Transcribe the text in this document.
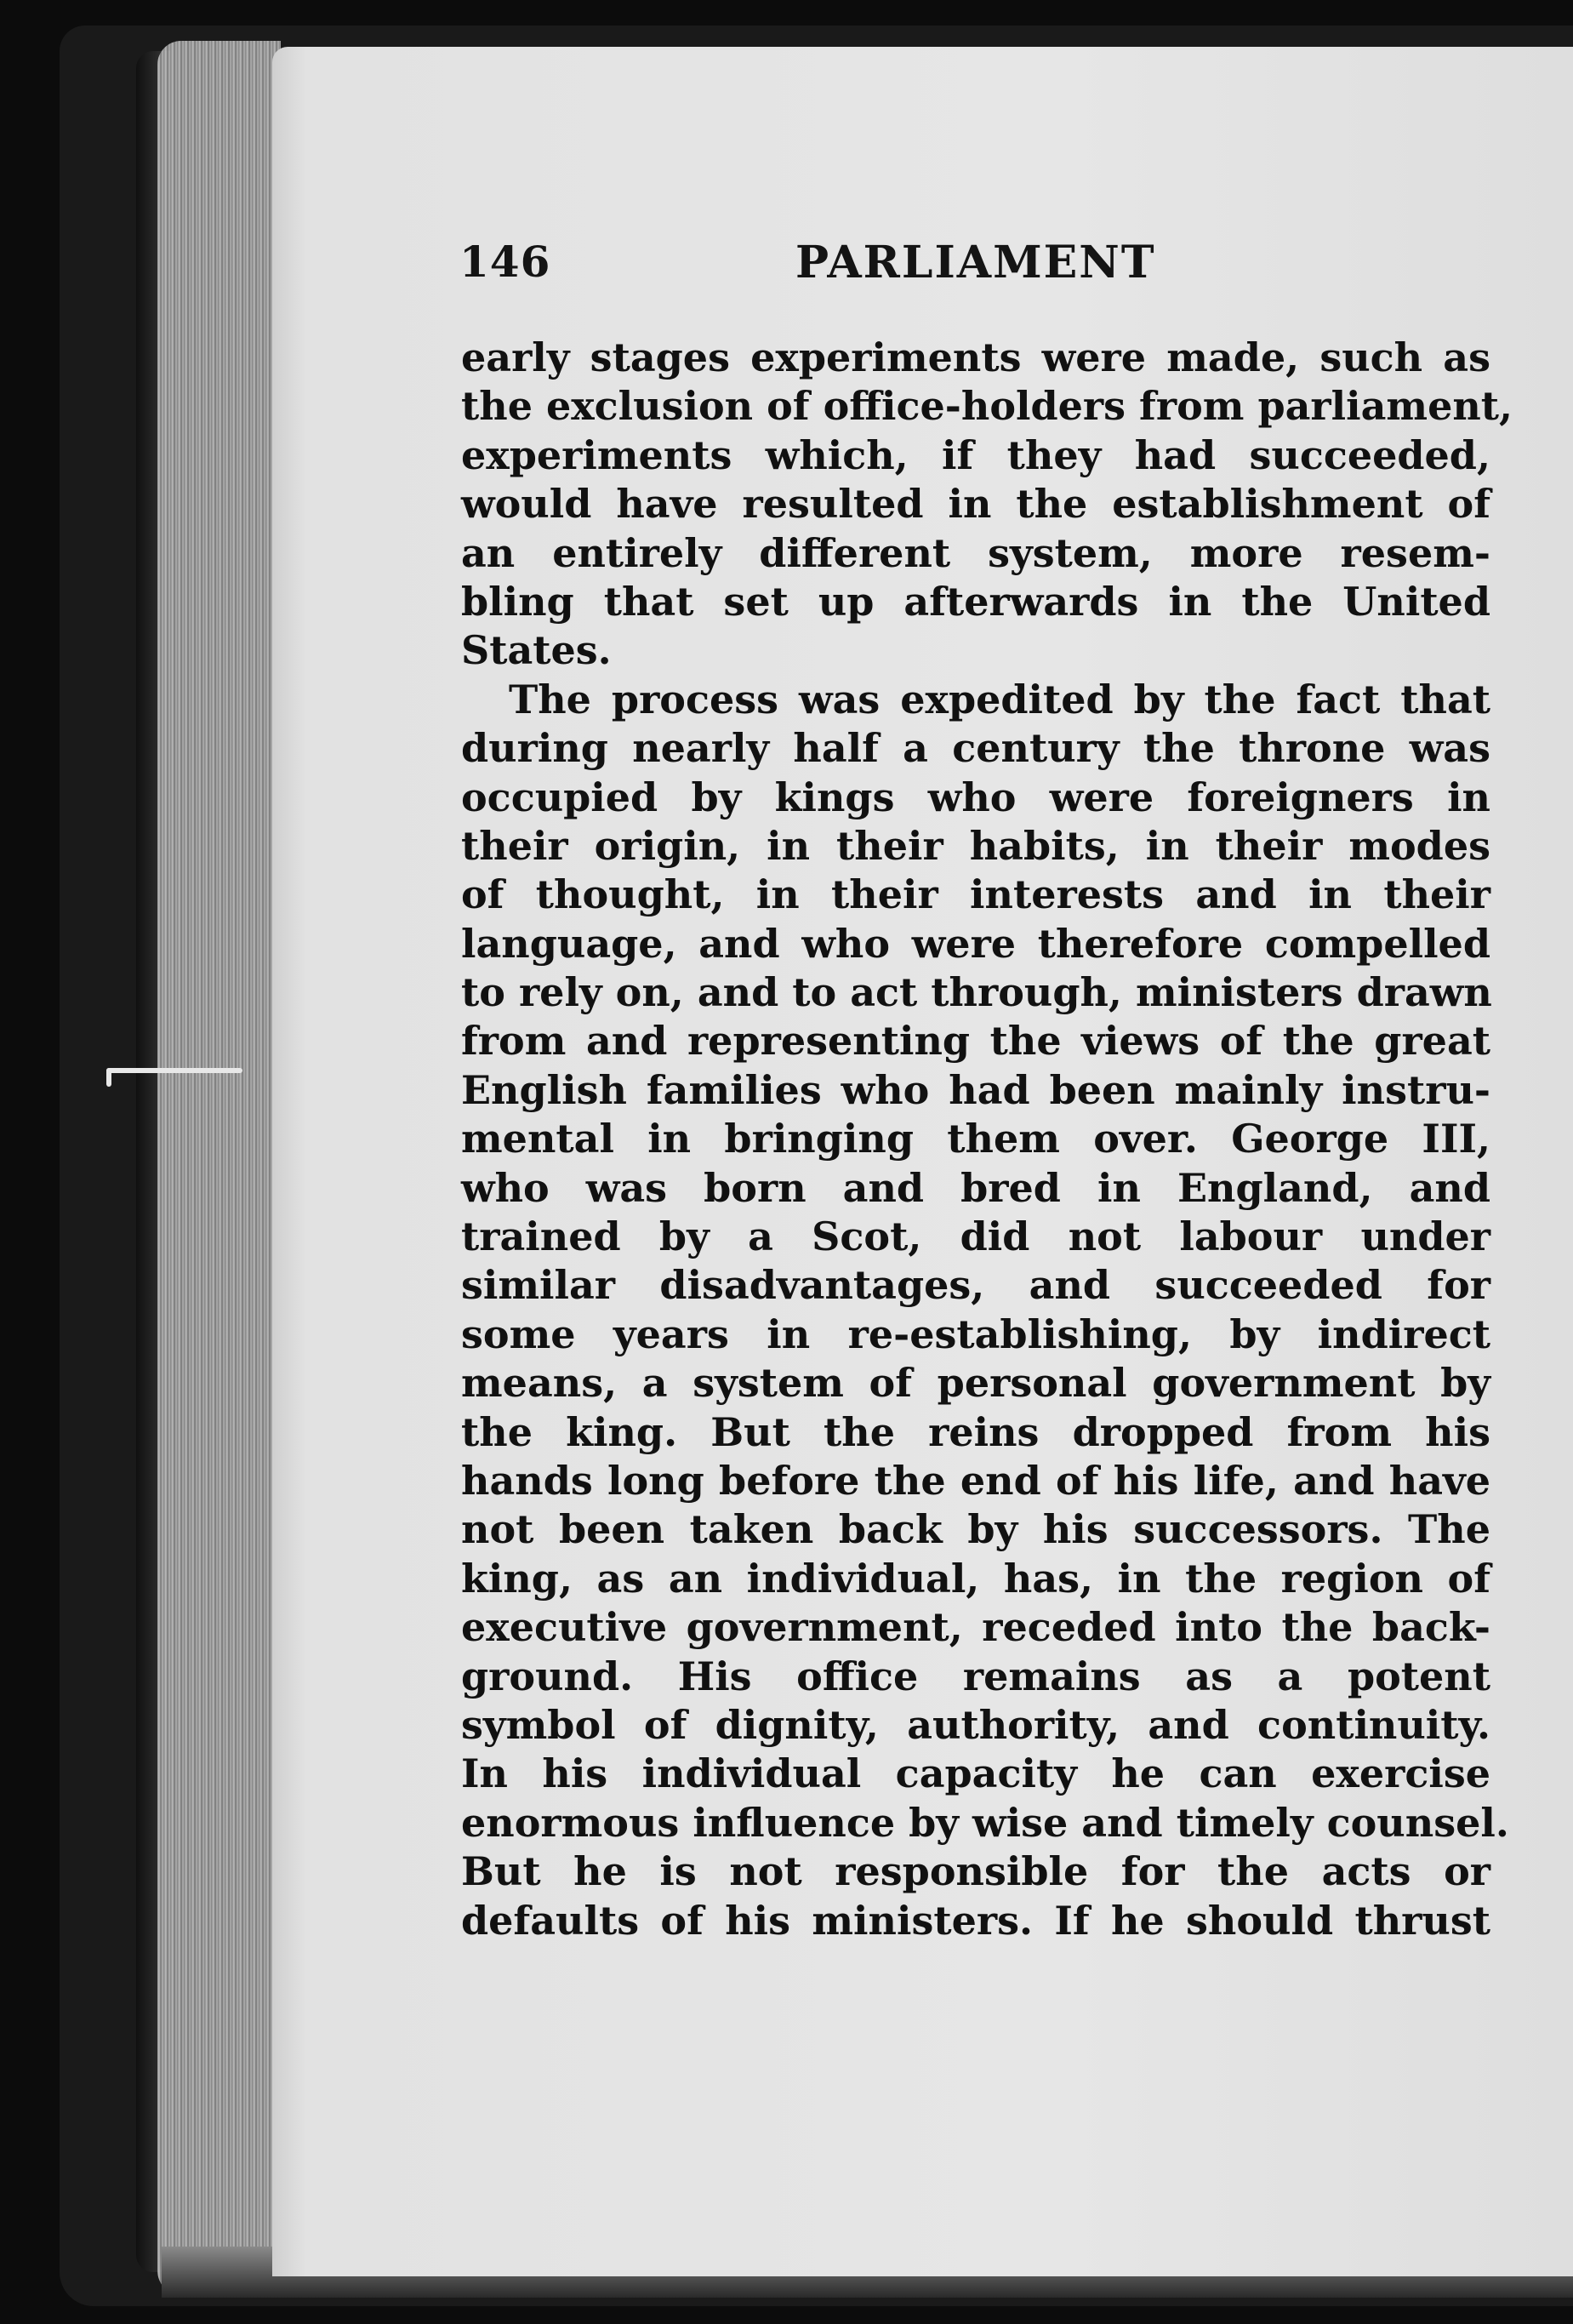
146	PARLIAMENT
early stages experiments were made, such as
the exclusion of office-holders from parliament,
experiments which, if they had succeeded,
would have resulted in the establishment of
an entirely different system, more resem-
bling that set up afterwards in the United
States.
The process was expedited by the fact that
during nearly half a century the throne was
occupied by kings who were foreigners in
their origin, in their habits, in their modes
of thought, in their interests and in their
language, and who were therefore compelled
to rely on, and to act through, ministers drawn
from and representing the views of the great
English families who had been mainly instru-
mental in bringing them over. George III,
who was born and bred in England, and
trained by a Scot, did not labour under
similar disadvantages, and succeeded for
some years in re-establishing, by indirect
means, a system of personal government by
the king. But the reins dropped from his
hands long before the end of his life, and have
not been taken back by his successors. The
king, as an individual, has, in the region of
executive government, receded into the back-
ground. His office remains as a potent
symbol of dignity, authority, and continuity.
In his individual capacity he can exercise
enormous influence by wise and timely counsel.
But he is not responsible for the acts or
defaults of his ministers. If he should thrust
